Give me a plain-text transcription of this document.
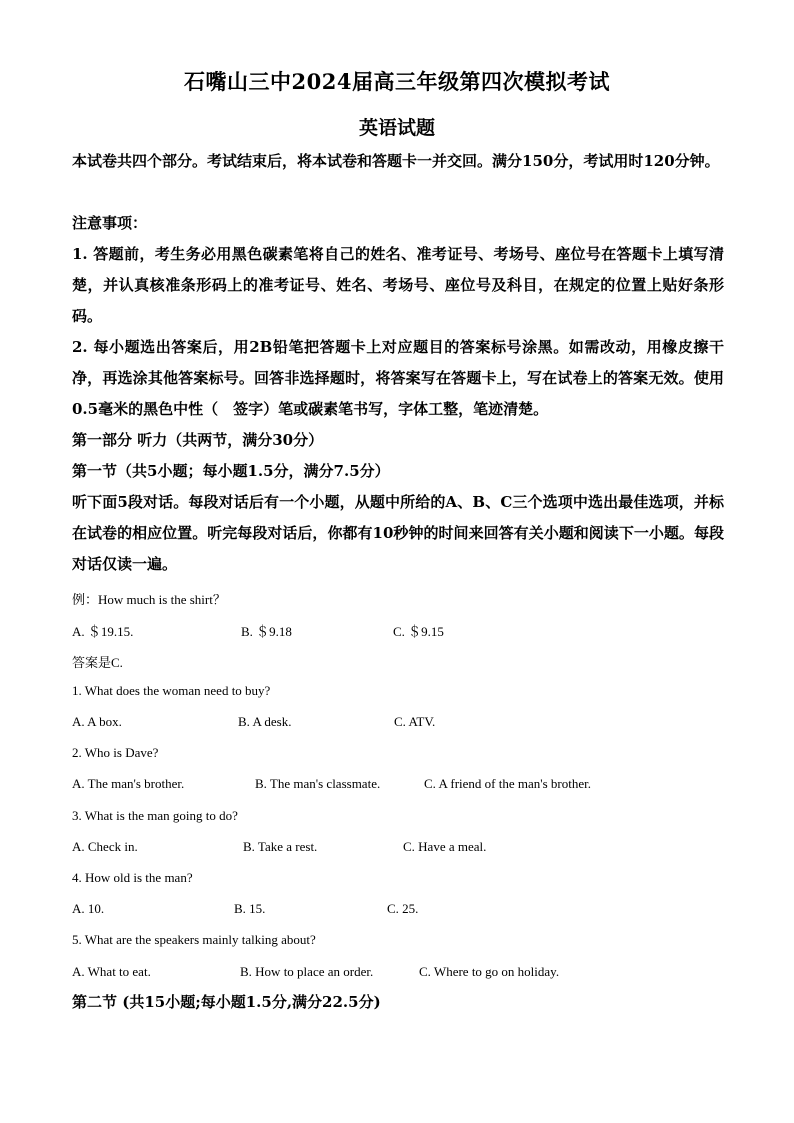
石嘴山三中2024届高三年级第四次模拟考试
英语试题
本试卷共四个部分。考试结束后，将本试卷和答题卡一并交回。满分150分，考试用时120分钟。
注意事项：
1. 答题前，考生务必用黑色碳素笔将自己的姓名、准考证号、考场号、座位号在答题卡上填写清楚，并认真核准条形码上的准考证号、姓名、考场号、座位号及科目，在规定的位置上贴好条形码。
2. 每小题选出答案后，用2B铅笔把答题卡上对应题目的答案标号涂黑。如需改动，用橡皮擦干净，再选涂其他答案标号。回答非选择题时，将答案写在答题卡上，写在试卷上的答案无效。使用0.5毫米的黑色中性（　签字）笔或碳素笔书写，字体工整，笔迹清楚。
第一部分 听力（共两节，满分30分）
第一节（共5小题；每小题1.5分，满分7.5分）
听下面5段对话。每段对话后有一个小题，从题中所给的A、B、C三个选项中选出最佳选项，并标在试卷的相应位置。听完每段对话后，你都有10秒钟的时间来回答有关小题和阅读下一小题。每段对话仅读一遍。
例：How much is the shirt？
A. ＄19.15.	B. ＄9.18	C. ＄9.15
答案是C.
1. What does the woman need to buy?
A. A box.	B. A desk.	C. ATV.
2. Who is Dave?
A. The man's brother.	B. The man's classmate.	C. A friend of the man's brother.
3. What is the man going to do?
A. Check in.	B. Take a rest.	C. Have a meal.
4. How old is the man?
A. 10.	B. 15.	C. 25.
5. What are the speakers mainly talking about?
A. What to eat.	B. How to place an order.	C. Where to go on holiday.
第二节 (共15小题;每小题1.5分,满分22.5分)
